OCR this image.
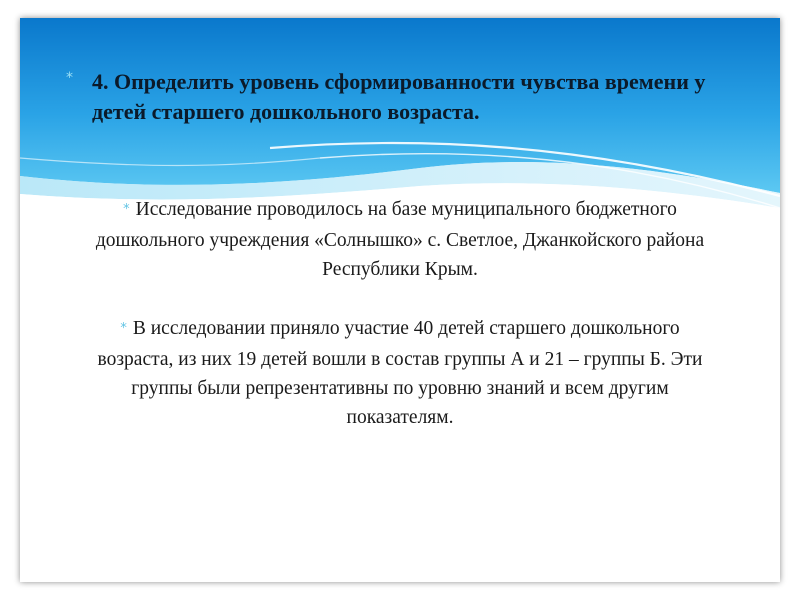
* 4. Определить уровень сформированности чувства времени у детей старшего дошкольного возраста.

* Исследование проводилось на базе муниципального бюджетного дошкольного учреждения «Солнышко» с. Светлое, Джанкойского района Республики Крым.

* В исследовании приняло участие 40 детей старшего дошкольного возраста, из них 19 детей вошли в состав группы А и 21 – группы Б. Эти группы были репрезентативны по уровню знаний и всем другим показателям.
